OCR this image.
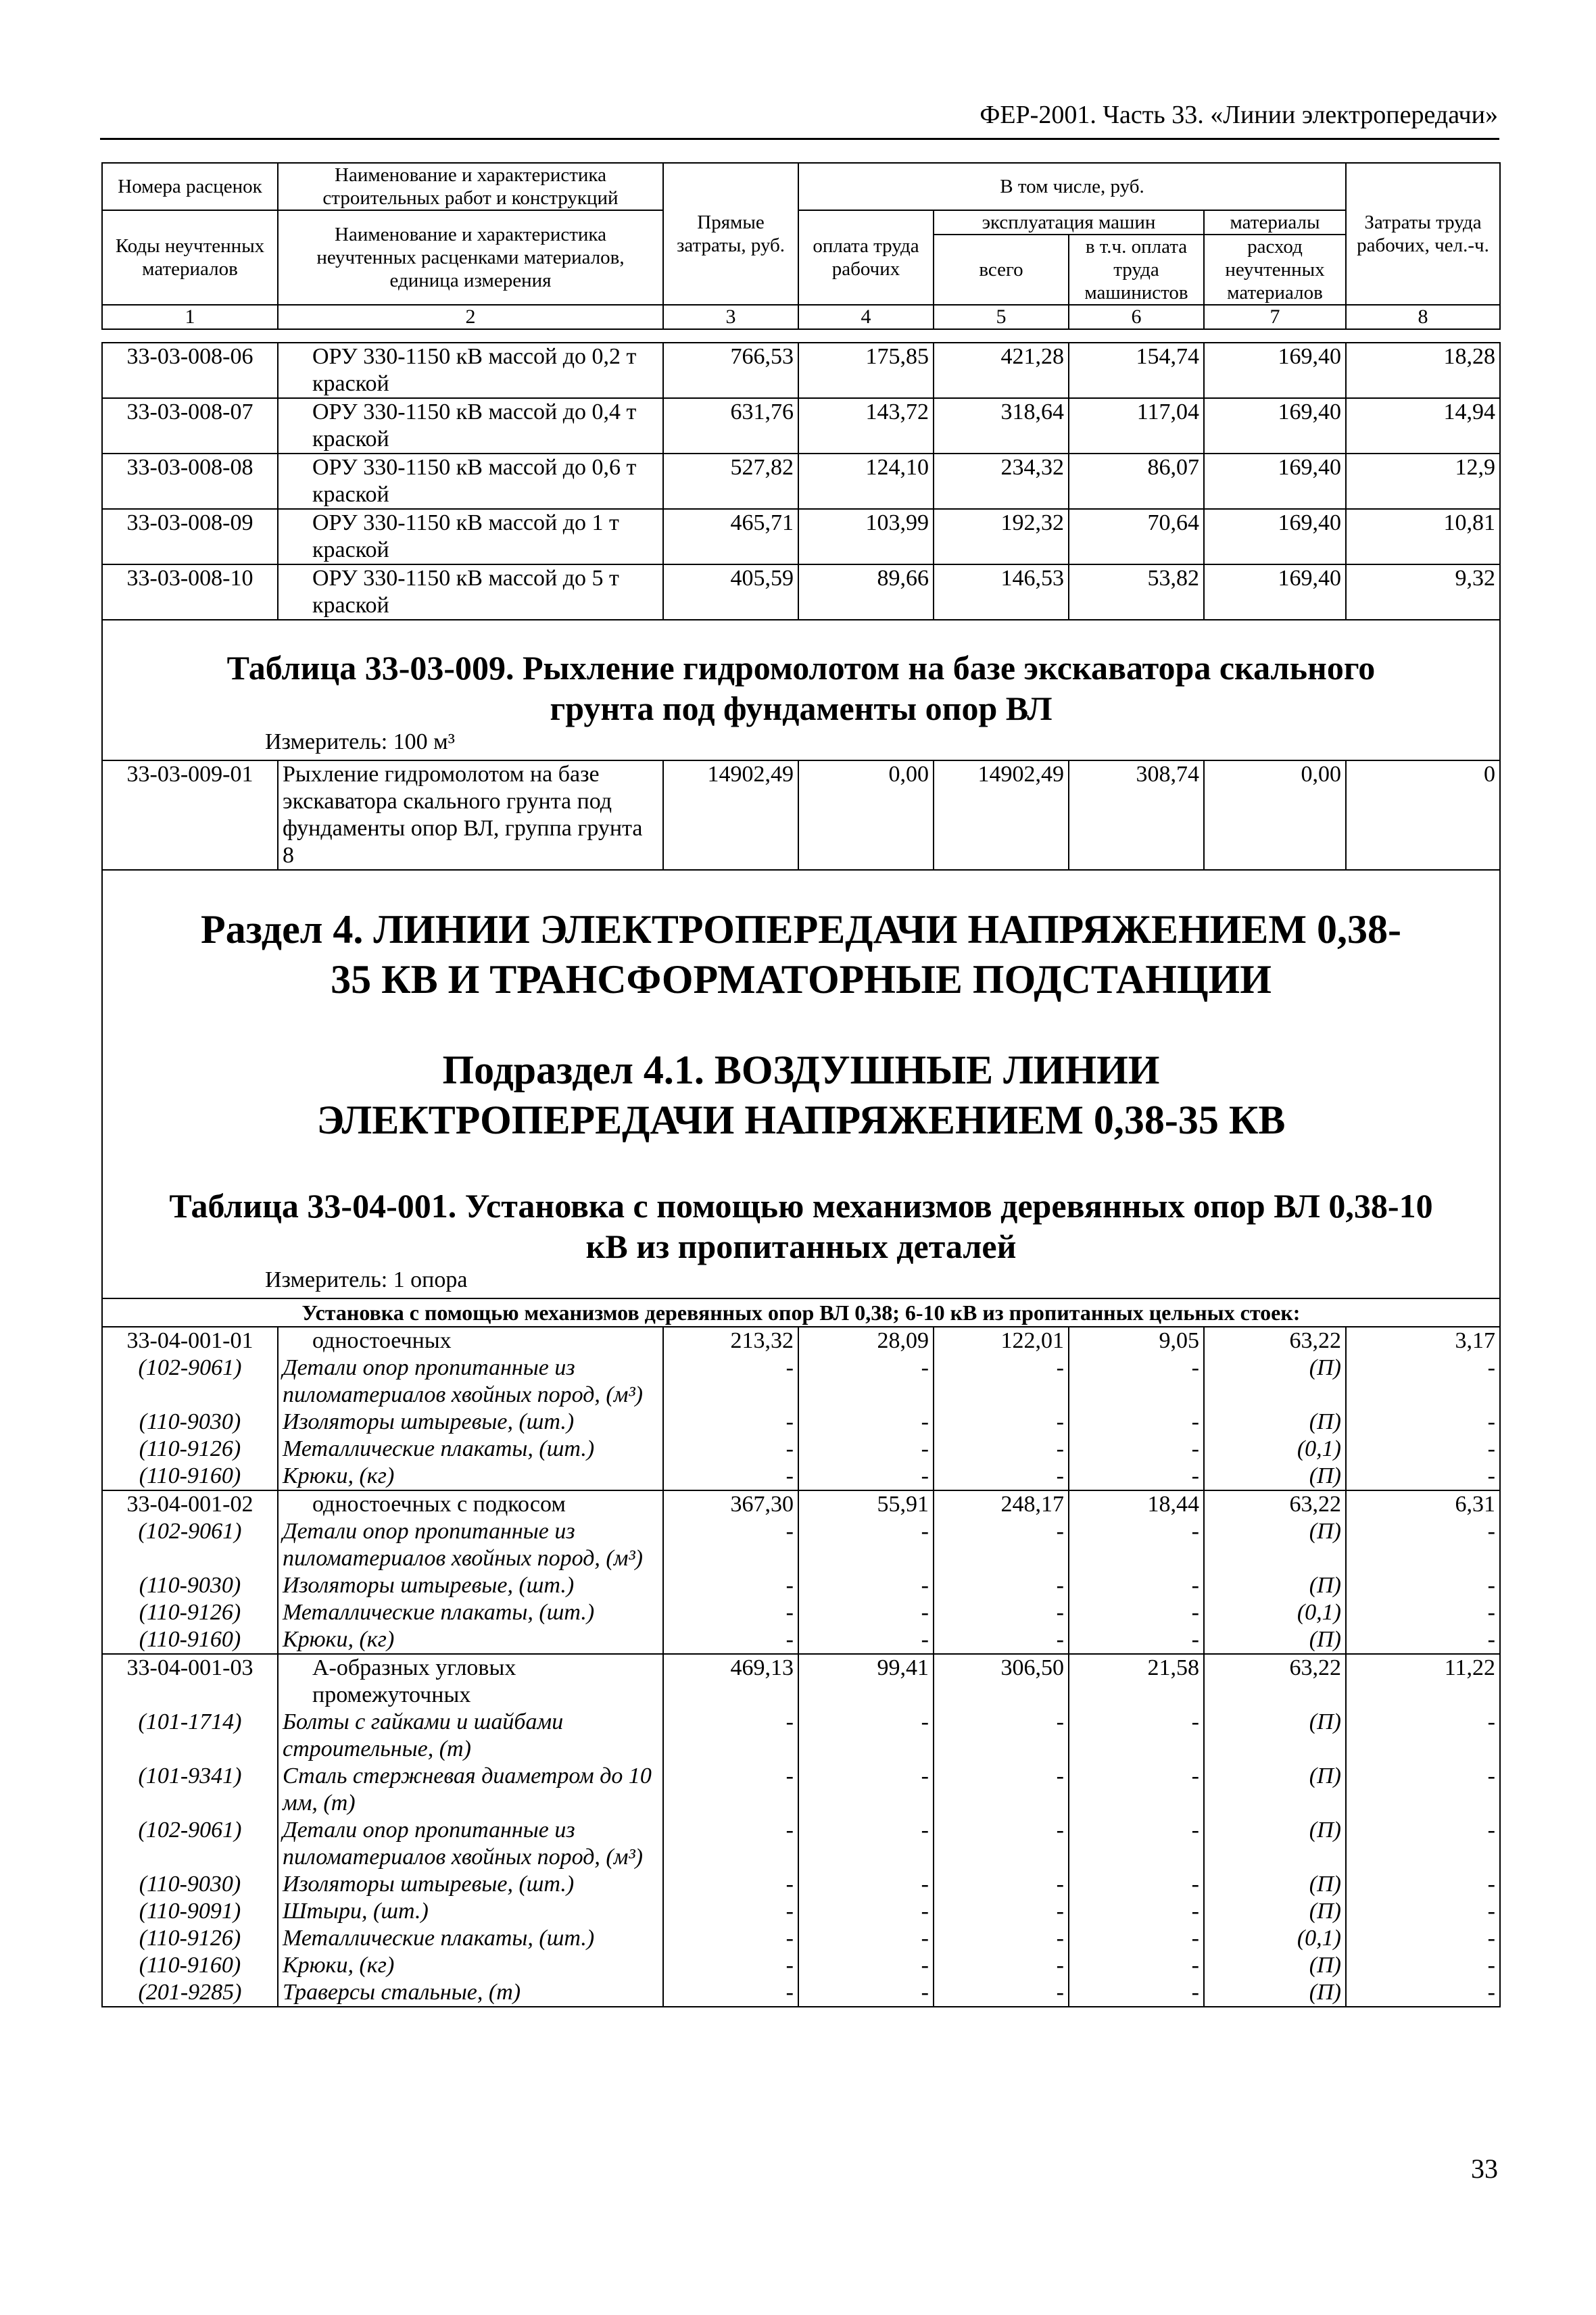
ФЕР-2001. Часть 33. «Линии электропередачи»
Номера расценок	Наименование и характеристика строительных работ и конструкций	Прямые затраты, руб.	В том числе, руб.				Затраты труда рабочих, чел.-ч.
Коды неучтенных материалов	Наименование и характеристика неучтенных расценками материалов, единица измерения		оплата труда рабочих	эксплуатация машин		материалы	
				всего	в т.ч. оплата труда машинистов	расход неучтенных материалов	

1	2	3	4	5	6	7	8
33-03-008-06	ОРУ 330-1150 кВ массой до 0,2 т краской	766,53	175,85	421,28	154,74	169,40	18,28
33-03-008-07	ОРУ 330-1150 кВ массой до 0,4 т краской	631,76	143,72	318,64	117,04	169,40	14,94
33-03-008-08	ОРУ 330-1150 кВ массой до 0,6 т краской	527,82	124,10	234,32	86,07	169,40	12,9
33-03-008-09	ОРУ 330-1150 кВ массой до 1 т краской	465,71	103,99	192,32	70,64	169,40	10,81
33-03-008-10	ОРУ 330-1150 кВ массой до 5 т краской	405,59	89,66	146,53	53,82	169,40	9,32

Таблица 33-03-009. Рыхление гидромолотом на базе экскаватора скального грунта под фундаменты опор ВЛ							
Измеритель: 100 м³							
33-03-009-01	Рыхление гидромолотом на базе экскаватора скального грунта под фундаменты опор ВЛ, группа грунта 8	14902,49	0,00	14902,49	308,74	0,00	0

Раздел 4. ЛИНИИ ЭЛЕКТРОПЕРЕДАЧИ НАПРЯЖЕНИЕМ 0,38-35 КВ И ТРАНСФОРМАТОРНЫЕ ПОДСТАНЦИИ							

Подраздел 4.1. ВОЗДУШНЫЕ ЛИНИИ ЭЛЕКТРОПЕРЕДАЧИ НАПРЯЖЕНИЕМ 0,38-35 КВ							

Таблица 33-04-001. Установка с помощью механизмов деревянных опор ВЛ 0,38-10 кВ из пропитанных деталей							
Измеритель: 1 опора							
Установка с помощью механизмов деревянных опор ВЛ 0,38; 6-10 кВ из пропитанных цельных стоек:							
33-04-001-01	одностоечных	213,32	28,09	122,01	9,05	63,22	3,17
(102-9061)	Детали опор пропитанные из пиломатериалов хвойных пород, (м³)	-	-	-	-	(П)	-
(110-9030)	Изоляторы штыревые, (шт.)	-	-	-	-	(П)	-
(110-9126)	Металлические плакаты, (шт.)	-	-	-	-	(0,1)	-
(110-9160)	Крюки, (кг)	-	-	-	-	(П)	-
33-04-001-02	одностоечных с подкосом	367,30	55,91	248,17	18,44	63,22	6,31
(102-9061)	Детали опор пропитанные из пиломатериалов хвойных пород, (м³)	-	-	-	-	(П)	-
(110-9030)	Изоляторы штыревые, (шт.)	-	-	-	-	(П)	-
(110-9126)	Металлические плакаты, (шт.)	-	-	-	-	(0,1)	-
(110-9160)	Крюки, (кг)	-	-	-	-	(П)	-
33-04-001-03	А-образных угловых промежуточных	469,13	99,41	306,50	21,58	63,22	11,22
(101-1714)	Болты с гайками и шайбами строительные, (т)	-	-	-	-	(П)	-
(101-9341)	Сталь стержневая диаметром до 10 мм, (т)	-	-	-	-	(П)	-
(102-9061)	Детали опор пропитанные из пиломатериалов хвойных пород, (м³)	-	-	-	-	(П)	-
(110-9030)	Изоляторы штыревые, (шт.)	-	-	-	-	(П)	-
(110-9091)	Штыри, (шт.)	-	-	-	-	(П)	-
(110-9126)	Металлические плакаты, (шт.)	-	-	-	-	(0,1)	-
(110-9160)	Крюки, (кг)	-	-	-	-	(П)	-
(201-9285)	Траверсы стальные, (т)	-	-	-	-	(П)	-
33
